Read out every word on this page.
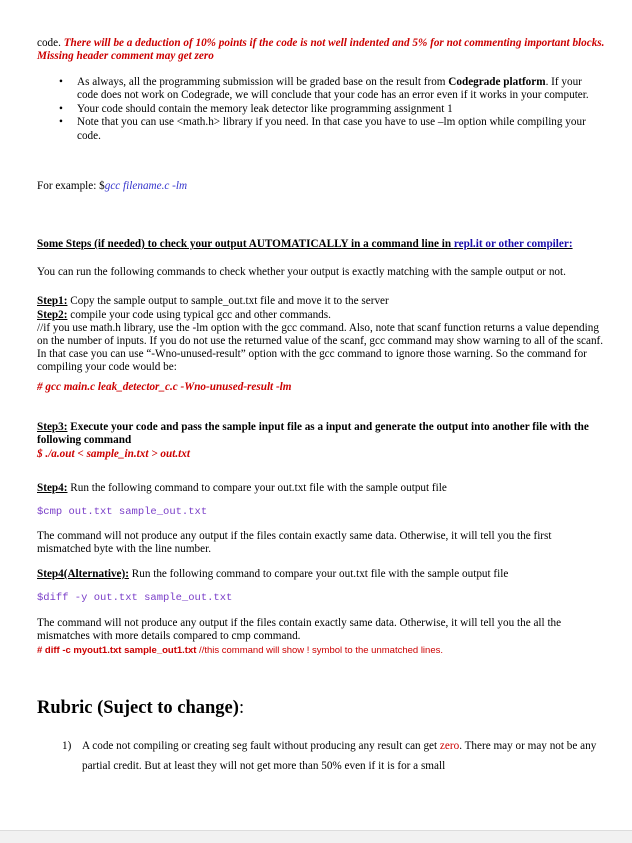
code. There will be a deduction of 10% points if the code is not well indented and 5% for not commenting important blocks. Missing header comment may get zero
• As always, all the programming submission will be graded base on the result from Codegrade platform. If your code does not work on Codegrade, we will conclude that your code has an error even if it works in your computer.
• Your code should contain the memory leak detector like programming assignment 1
• Note that you can use <math.h> library if you need. In that case you have to use –lm option while compiling your code.
For example: $gcc filename.c -lm
Some Steps (if needed) to check your output AUTOMATICALLY in a command line in repl.it or other compiler:
You can run the following commands to check whether your output is exactly matching with the sample output or not.
Step1: Copy the sample output to sample_out.txt file and move it to the server
Step2: compile your code using typical gcc and other commands.
//if you use math.h library, use the -lm option with the gcc command. Also, note that scanf function returns a value depending on the number of inputs. If you do not use the returned value of the scanf, gcc command may show warning to all of the scanf. In that case you can use “-Wno-unused-result” option with the gcc command to ignore those warning. So the command for compiling your code would be:
# gcc main.c leak_detector_c.c -Wno-unused-result -lm
Step3: Execute your code and pass the sample input file as a input and generate the output into another file with the following command
$ ./a.out < sample_in.txt > out.txt
Step4: Run the following command to compare your out.txt file with the sample output file
$cmp out.txt sample_out.txt
The command will not produce any output if the files contain exactly same data. Otherwise, it will tell you the first mismatched byte with the line number.
Step4(Alternative): Run the following command to compare your out.txt file with the sample output file
$diff -y out.txt sample_out.txt
The command will not produce any output if the files contain exactly same data. Otherwise, it will tell you the all the mismatches with more details compared to cmp command.
# diff -c myout1.txt sample_out1.txt //this command will show ! symbol to the unmatched lines.
Rubric (Suject to change):
1) A code not compiling or creating seg fault without producing any result can get zero. There may or may not be any partial credit. But at least they will not get more than 50% even if it is for a small
